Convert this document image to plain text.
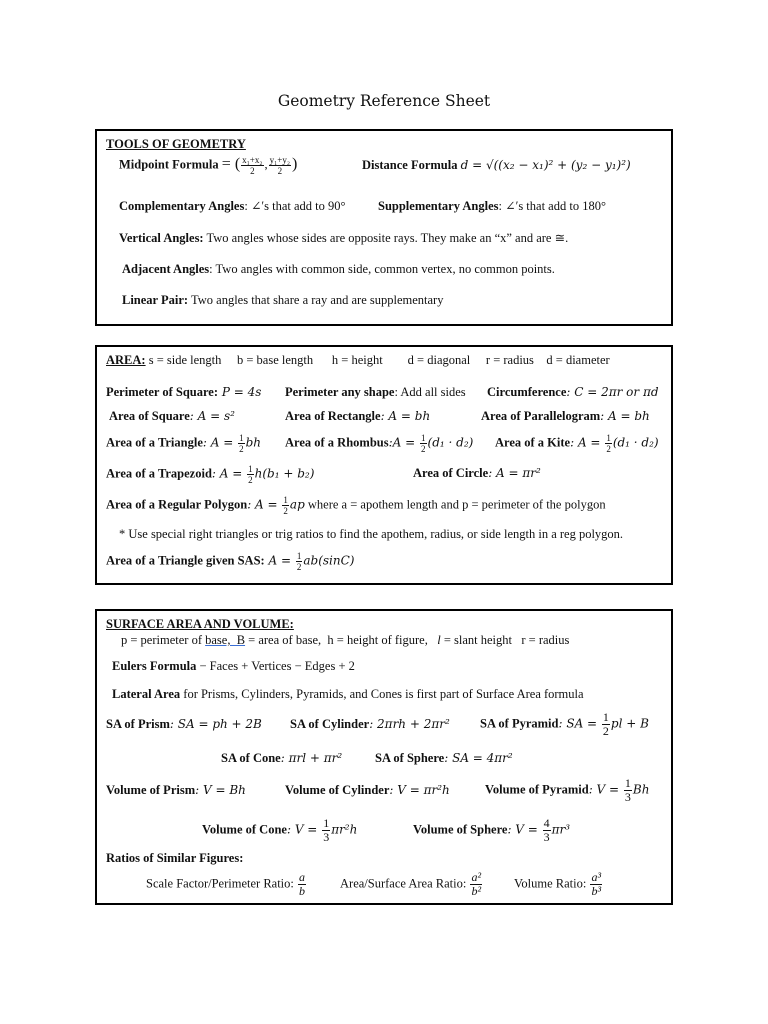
Geometry Reference Sheet
TOOLS OF GEOMETRY
Midpoint Formula = ( $\frac{\text{x₁+x₂}}{2}$ , $\frac{\text{y₁+y₂}}{2}$ )	Distance Formula d = √((x₂ − x₁)² + (y₂ − y₁)²)
Complementary Angles: ∠′s that add to 90°	Supplementary Angles: ∠′s that add to 180°
Vertical Angles: Two angles whose sides are opposite rays. They make an “x” and are ≅.
Adjacent Angles: Two angles with common side, common vertex, no common points.
Linear Pair: Two angles that share a ray and are supplementary
AREA: s = side length     b = base length      h = height        d = diagonal     r = radius    d = diameter
Perimeter of Square: P = 4s Perimeter any shape: Add all sides Circumference: C = 2πr or πd
Area of Square: A = s²	Area of Rectangle: A = bh	Area of Parallelogram: A = bh
Area of a Triangle: $A = \frac{1}{2}$ bh Area of a Rhombus:A = $\frac{1}{2} (d_1 \cdot d_2)$ Area of a Kite: $A = \frac{1}{2} (d_1 \cdot d_2)$
Area of a Trapezoid: $A = \frac{1}{2} h(b_1 + b_2)$	Area of Circle: A = πr²
Area of a Regular Polygon: $A = \frac{1}{2}$ ap where a = apothem length and p = perimeter of the polygon
* Use special right triangles or trig ratios to find the apothem, radius, or side length in a reg polygon.
Area of a Triangle given SAS: $A = \frac{1}{2} ab(\sin C)$
SURFACE AREA AND VOLUME:
p = perimeter of base,  B = area of base,  h = height of figure,   l = slant height   r = radius
Eulers Formula − Faces + Vertices − Edges + 2
Lateral Area for Prisms, Cylinders, Pyramids, and Cones is first part of Surface Area formula
SA of Prism: SA = ph + 2B SA of Cylinder: 2πrh + 2πr² SA of Pyramid: SA = $\frac{1}{2}$ pl + B
SA of Cone: πrl + πr²	SA of Sphere: SA = 4πr²
Volume of Prism: V = Bh	Volume of Cylinder: V = πr²h	Volume of Pyramid: $V = \frac{1}{3}$ Bh
Volume of Cone: $V = \frac{1}{3} \pi r^2h$	Volume of Sphere: $V = \frac{4}{3} \pi r^3$
Ratios of Similar Figures:
Scale Factor/Perimeter Ratio: $\frac{a}{b}$	Area/Surface Area Ratio: $\frac{\text{a²}}{\text{b²}}$	Volume Ratio: $\frac{\text{a³}}{\text{b³}}$
